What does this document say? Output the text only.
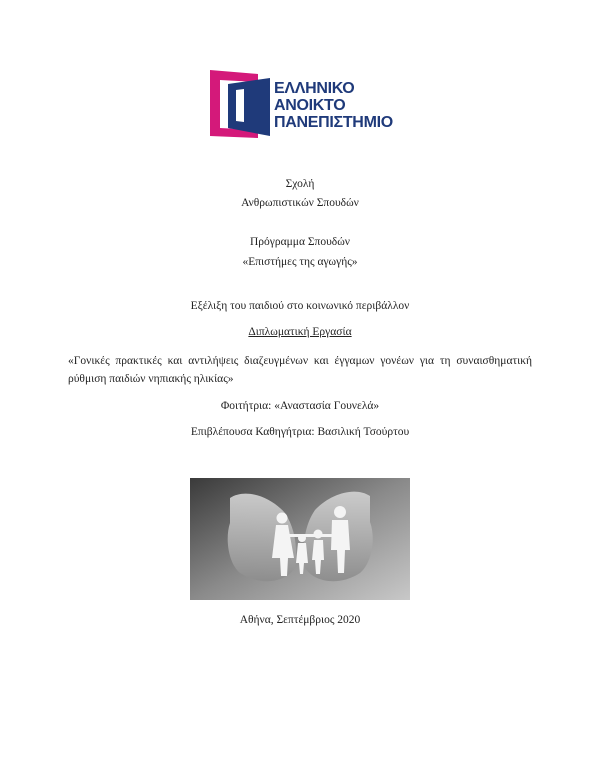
ΕΛΛΗΝΙΚΟ
ΑΝΟΙΚΤΟ
ΠΑΝΕΠΙΣΤΗΜΙΟ
Σχολή
Ανθρωπιστικών Σπουδών
Πρόγραμμα Σπουδών
«Επιστήμες της αγωγής»
Εξέλιξη του παιδιού στο κοινωνικό περιβάλλον
Διπλωματική Εργασία
«Γονικές πρακτικές και αντιλήψεις διαζευγμένων και έγγαμων γονέων για τη συναισθηματική ρύθμιση παιδιών νηπιακής ηλικίας»
Φοιτήτρια: «Αναστασία Γουνελά»
Επιβλέπουσα Καθηγήτρια: Βασιλική Τσούρτου
Αθήνα, Σεπτέμβριος 2020
